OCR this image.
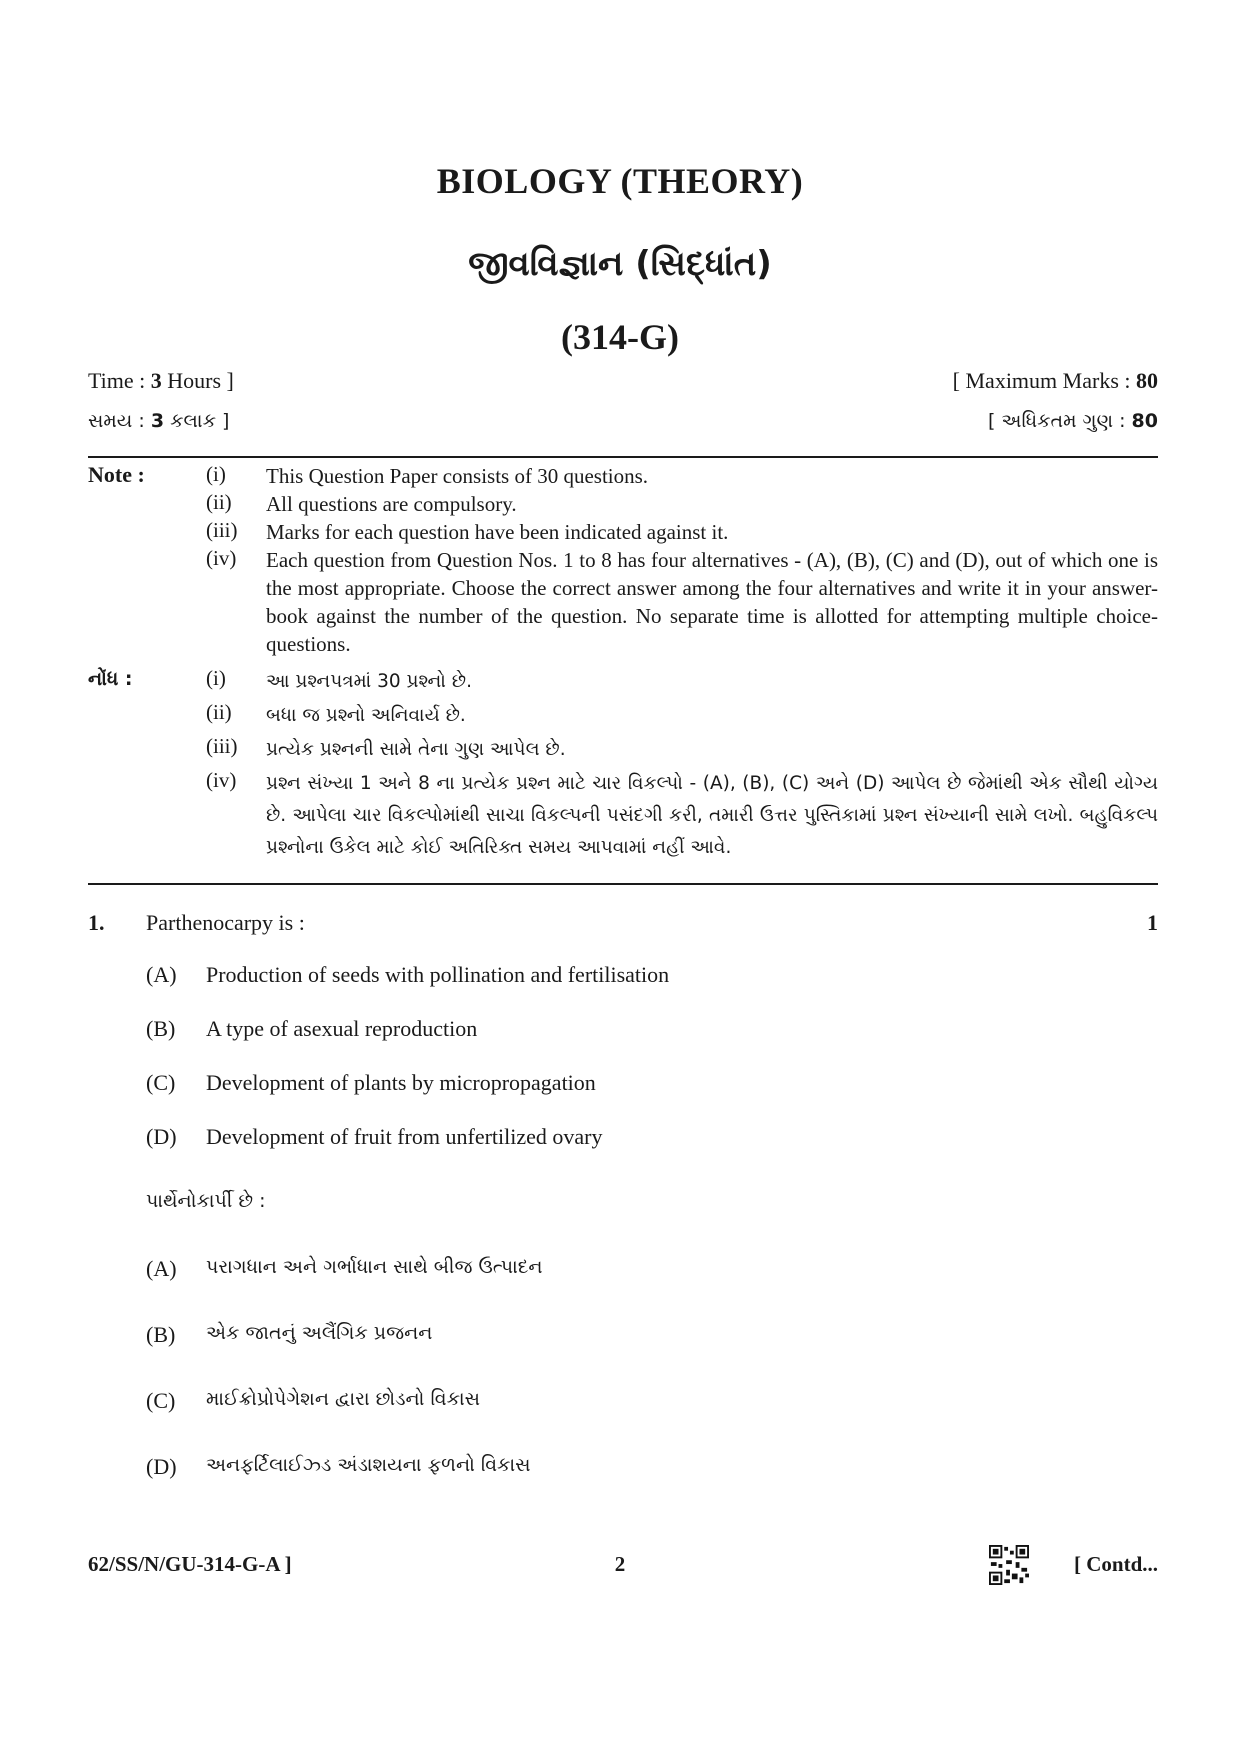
BIOLOGY (THEORY)
જીવવિજ્ઞાન (સિદ્ધાંત)
(314-G)
Time : 3 Hours ]	[ Maximum Marks : 80
સમય : 3 કલાક ]	[ અધિકતમ ગુણ : 80
Note :	(i)	This Question Paper consists of 30 questions.
(ii)	All questions are compulsory.
(iii)	Marks for each question have been indicated against it.
(iv)	Each question from Question Nos. 1 to 8 has four alternatives - (A), (B), (C) and (D), out of which one is the most appropriate. Choose the correct answer among the four alternatives and write it in your answer-book against the number of the question. No separate time is allotted for attempting multiple choice-questions.
નોંધ :	(i)	આ પ્રશ્નપત્રમાં 30 પ્રશ્નો છે.
(ii)	બધા જ પ્રશ્નો અનિવાર્ય છે.
(iii)	પ્રત્યેક પ્રશ્નની સામે તેના ગુણ આપેલ છે.
(iv)	પ્રશ્ન સંખ્યા 1 અને 8 ના પ્રત્યેક પ્રશ્ન માટે ચાર વિકલ્પો - (A), (B), (C) અને (D) આપેલ છે જેમાંથી એક સૌથી યોગ્ય છે. આપેલા ચાર વિકલ્પોમાંથી સાચા વિકલ્પની પસંદગી કરી, તમારી ઉત્તર પુસ્તિકામાં પ્રશ્ન સંખ્યાની સામે લખો. બહુવિકલ્પ પ્રશ્નોના ઉકેલ માટે કોઈ અતિરિક્ત સમય આપવામાં નહીં આવે.
1. Parthenocarpy is :	1
(A)	Production of seeds with pollination and fertilisation
(B)	A type of asexual reproduction
(C)	Development of plants by micropropagation
(D)	Development of fruit from unfertilized ovary
પાર્થેનોકાર્પી છે :
(A)	પરાગધાન અને ગર્ભાધાન સાથે બીજ ઉત્પાદન
(B)	એક જાતનું અલૈંગિક પ્રજનન
(C)	માઈક્રોપ્રોપેગેશન દ્વારા છોડનો વિકાસ
(D)	અનફર્ટિલાઈઝ્ડ અંડાશયના ફળનો વિકાસ
62/SS/N/GU-314-G-A ]	2	[ Contd...
